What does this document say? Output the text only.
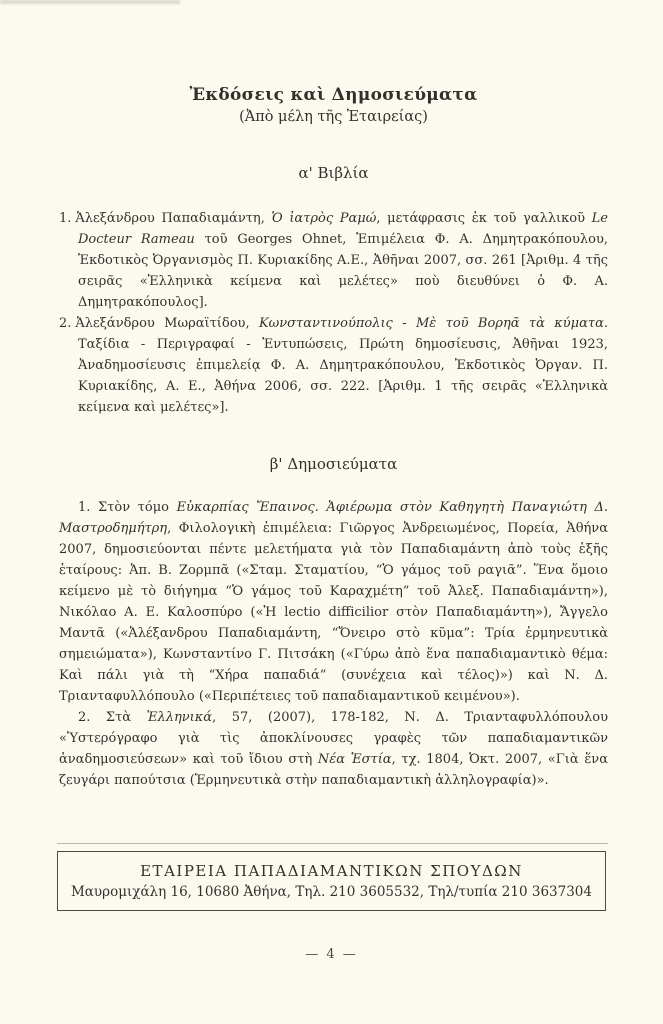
Ἐκδόσεις καὶ Δημοσιεύματα
(Ἀπὸ μέλη τῆς Ἑταιρείας)
α' Βιβλία
1. Ἀλεξάνδρου Παπαδιαμάντη, Ὁ ἰατρὸς Ραμώ, μετάφρασις ἐκ τοῦ γαλλικοῦ Le Docteur Rameau τοῦ Georges Ohnet, Ἐπιμέλεια Φ. Α. Δημητρακόπουλου, Ἐκδοτικὸς Ὀργανισμὸς Π. Κυριακίδης Α.Ε., Ἀθῆναι 2007, σσ. 261 [Ἀριθμ. 4 τῆς σειρᾶς «Ἑλληνικὰ κείμενα καὶ μελέτες» ποὺ διευθύνει ὁ Φ. Α. Δημητρακόπουλος].
2. Ἀλεξάνδρου Μωραϊτίδου, Κωνσταντινούπολις - Μὲ τοῦ Βορηᾶ τὰ κύματα. Ταξίδια - Περιγραφαί - Ἐντυπώσεις, Πρώτη δημοσίευσις, Ἀθῆναι 1923, Ἀναδημοσίευσις ἐπιμελείᾳ Φ. Α. Δημητρακόπουλου, Ἐκδοτικὸς Ὀργαν. Π. Κυριακίδης, Α. Ε., Ἀθήνα 2006, σσ. 222. [Ἀριθμ. 1 τῆς σειρᾶς «Ἑλληνικὰ κείμενα καὶ μελέτες»].
β' Δημοσιεύματα

1. Στὸν τόμο Εὐκαρπίας Ἔπαινος. Ἀφιέρωμα στὸν Καθηγητὴ Παναγιώτη Δ. Μαστροδημήτρη, Φιλολογικὴ ἐπιμέλεια: Γιῶργος Ἀνδρειωμένος, Πορεία, Ἀθήνα 2007, δημοσιεύονται πέντε μελετήματα γιὰ τὸν Παπαδιαμάντη ἀπὸ τοὺς ἑξῆς ἑταίρους: Ἀπ. Β. Ζορμπᾶ («Σταμ. Σταματίου, “Ὁ γάμος τοῦ ραγιᾶ”. Ἕνα ὅμοιο κείμενο μὲ τὸ διήγημα “Ὁ γάμος τοῦ Καραχμέτη” τοῦ Ἀλεξ. Παπαδιαμάντη»), Νικόλαο Α. Ε. Καλοσπύρο («Ἡ lectio difficilior στὸν Παπαδιαμάντη»), Ἄγγελο Μαντᾶ («Ἀλέξανδρου Παπαδιαμάντη, “Ὄνειρο στὸ κῦμα”: Τρία ἑρμηνευτικὰ σημειώματα»), Κωνσταντίνο Γ. Πιτσάκη («Γύρω ἀπὸ ἕνα παπαδιαμαντικὸ θέμα: Καὶ πάλι γιὰ τὴ “Χήρα παπαδιά” (συνέχεια καὶ τέλος)») καὶ Ν. Δ. Τριανταφυλλόπουλο («Περιπέτειες τοῦ παπαδιαμαντικοῦ κειμένου»).

2. Στὰ Ἑλληνικά, 57, (2007), 178-182, Ν. Δ. Τριανταφυλλόπουλου «Ὑστερόγραφο γιὰ τὶς ἀποκλίνουσες γραφὲς τῶν παπαδιαμαντικῶν ἀναδημοσιεύσεων» καὶ τοῦ ἴδιου στὴ Νέα Ἑστία, τχ. 1804, Ὀκτ. 2007, «Γιὰ ἕνα ζευγάρι παπούτσια (Ἑρμηνευτικὰ στὴν παπαδιαμαντικὴ ἀλληλογραφία)».

ΕΤΑΙΡΕΙΑ ΠΑΠΑΔΙΑΜΑΝΤΙΚΩΝ ΣΠΟΥΔΩΝ
Μαυρομιχάλη 16, 10680 Ἀθήνα, Τηλ. 210 3605532, Τηλ/τυπία 210 3637304
— 4 —
